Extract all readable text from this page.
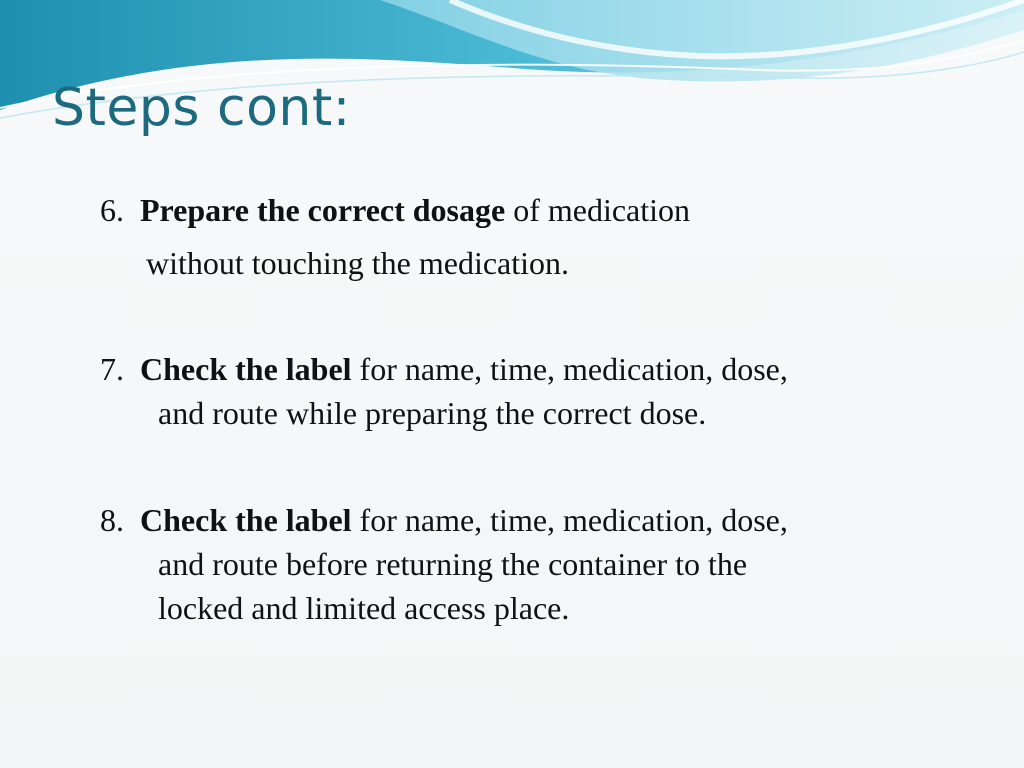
Steps cont:
6. Prepare the correct dosage of medication
without touching the medication.
7. Check the label for name, time, medication, dose,
and route while preparing the correct dose.
8. Check the label for name, time, medication, dose,
and route before returning the container to the
locked and limited access place.
